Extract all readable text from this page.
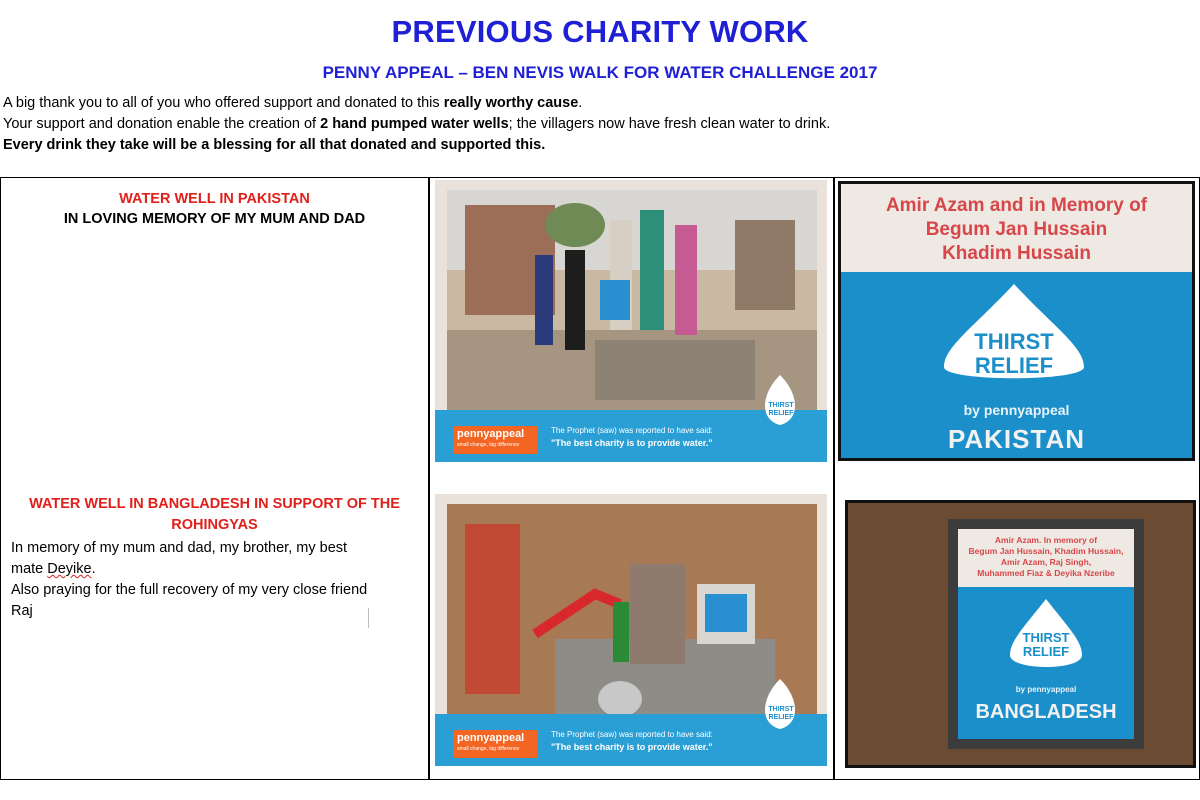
PREVIOUS CHARITY WORK
PENNY APPEAL – BEN NEVIS WALK FOR WATER CHALLENGE 2017
A big thank you to all of you who offered support and donated to this really worthy cause.
Your support and donation enable the creation of 2 hand pumped water wells; the villagers now have fresh clean water to drink.
Every drink they take will be a blessing for all that donated and supported this.
WATER WELL IN PAKISTAN
IN LOVING MEMORY OF MY MUM AND DAD
WATER WELL IN BANGLADESH IN SUPPORT OF THE
ROHINGYAS
In memory of my mum and dad, my brother, my best
mate Deyike.
Also praying for the full recovery of my very close friend
Raj
pennyappeal
small change, big difference
The Prophet (saw) was reported to have said:
"The best charity is to provide water."
THIRST RELIEF
Amir Azam and in Memory of
Begum Jan Hussain
Khadim Hussain
THIRST
RELIEF
by pennyappeal
PAKISTAN
pennyappeal
small change, big difference
The Prophet (saw) was reported to have said:
"The best charity is to provide water."
THIRST RELIEF
Amir Azam. In memory of
Begum Jan Hussain, Khadim Hussain,
Amir Azam, Raj Singh,
Muhammed Fiaz & Deyika Nzeribe
THIRST
RELIEF
by pennyappeal
BANGLADESH
